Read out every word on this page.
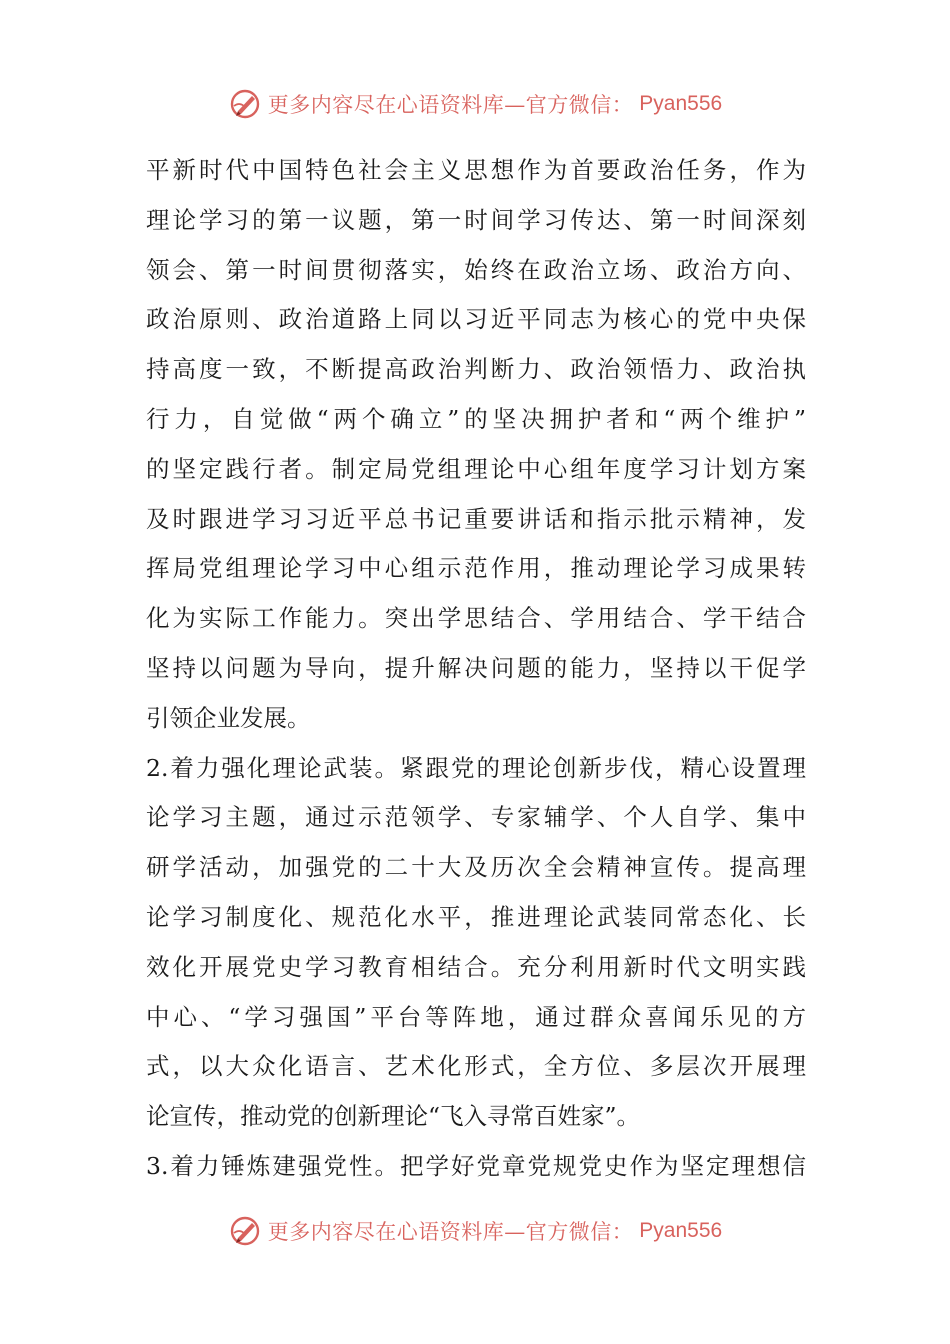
更多内容尽在心语资料库—官方微信： Pyan556
平新时代中国特色社会主义思想作为首要政治任务，作为
理论学习的第一议题，第一时间学习传达、第一时间深刻
领会、第一时间贯彻落实，始终在政治立场、政治方向、
政治原则、政治道路上同以习近平同志为核心的党中央保
持高度一致，不断提高政治判断力、政治领悟力、政治执
行力，自觉做“两个确立”的坚决拥护者和“两个维护”
的坚定践行者。制定局党组理论中心组年度学习计划方案
及时跟进学习习近平总书记重要讲话和指示批示精神，发
挥局党组理论学习中心组示范作用，推动理论学习成果转
化为实际工作能力。突出学思结合、学用结合、学干结合
坚持以问题为导向，提升解决问题的能力，坚持以干促学
引领企业发展。
2.着力强化理论武装。紧跟党的理论创新步伐，精心设置理
论学习主题，通过示范领学、专家辅学、个人自学、集中
研学活动，加强党的二十大及历次全会精神宣传。提高理
论学习制度化、规范化水平，推进理论武装同常态化、长
效化开展党史学习教育相结合。充分利用新时代文明实践
中心、“学习强国”平台等阵地，通过群众喜闻乐见的方
式，以大众化语言、艺术化形式，全方位、多层次开展理
论宣传，推动党的创新理论“飞入寻常百姓家”。
3.着力锤炼建强党性。把学好党章党规党史作为坚定理想信
更多内容尽在心语资料库—官方微信： Pyan556
